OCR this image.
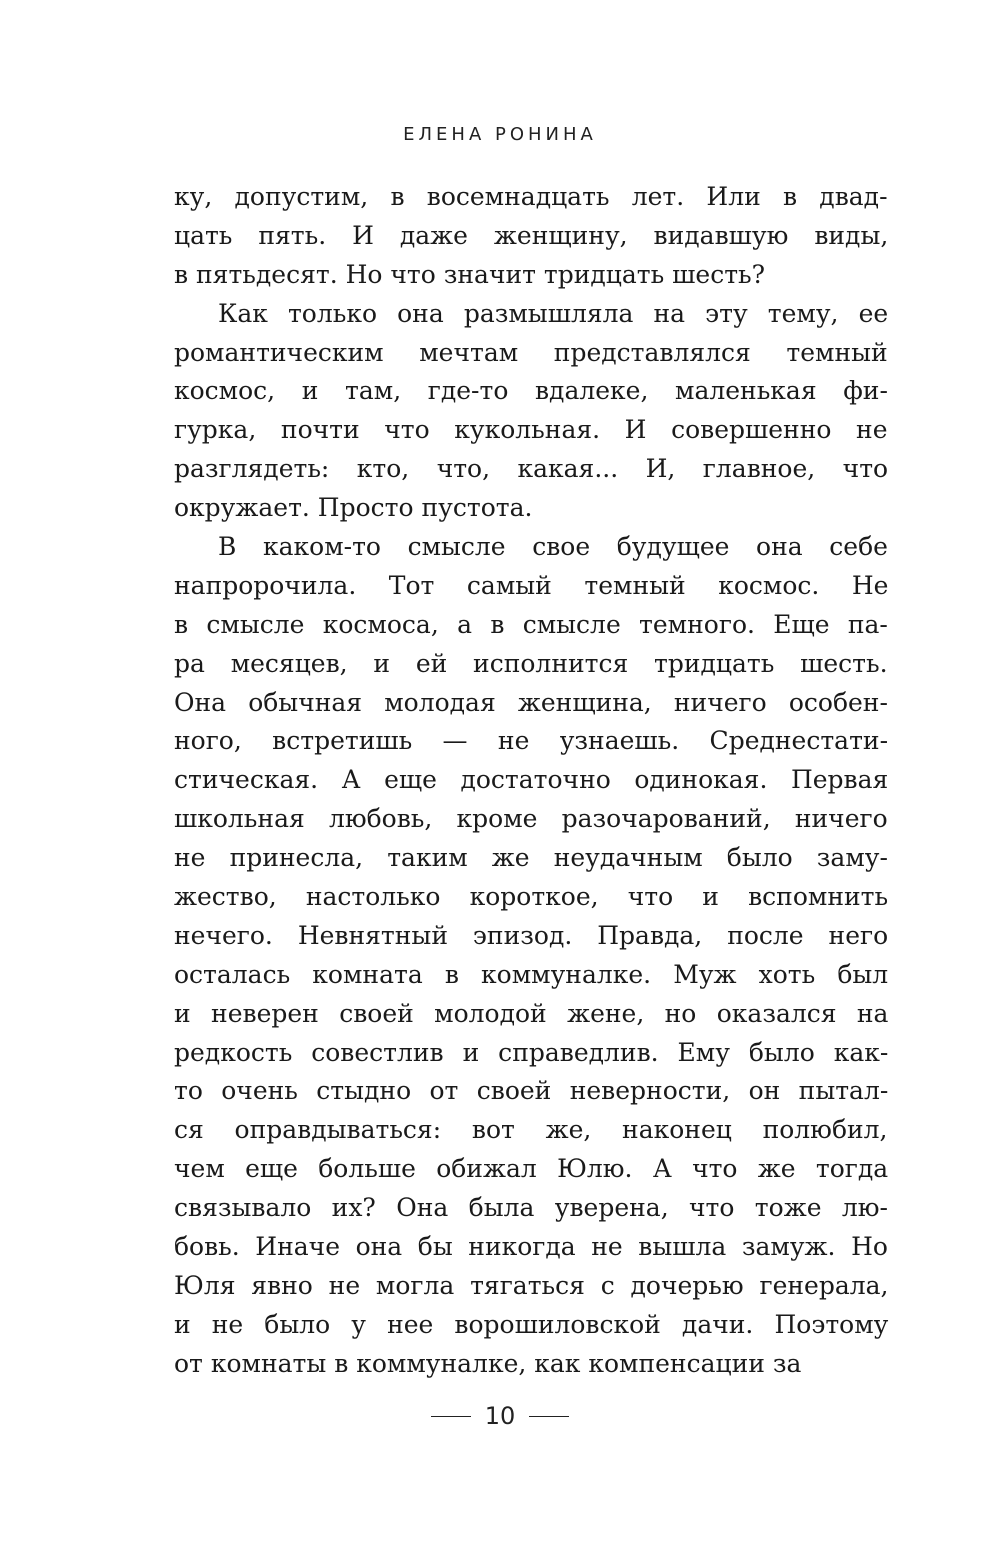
ЕЛЕНА РОНИНА
ку, допустим, в восемнадцать лет. Или в двад-
цать пять. И даже женщину, видавшую виды,
в пятьдесят. Но что значит тридцать шесть?
Как только она размышляла на эту тему, ее
романтическим мечтам представлялся темный
космос, и там, где-то вдалеке, маленькая фи-
гурка, почти что кукольная. И совершенно не
разглядеть: кто, что, какая... И, главное, что
окружает. Просто пустота.
В каком-то смысле свое будущее она себе
напророчила. Тот самый темный космос. Не
в смысле космоса, а в смысле темного. Еще па-
ра месяцев, и ей исполнится тридцать шесть.
Она обычная молодая женщина, ничего особен-
ного, встретишь — не узнаешь. Среднестати-
стическая. А еще достаточно одинокая. Первая
школьная любовь, кроме разочарований, ничего
не принесла, таким же неудачным было заму-
жество, настолько короткое, что и вспомнить
нечего. Невнятный эпизод. Правда, после него
осталась комната в коммуналке. Муж хоть был
и неверен своей молодой жене, но оказался на
редкость совестлив и справедлив. Ему было как-
то очень стыдно от своей неверности, он пытал-
ся оправдываться: вот же, наконец полюбил,
чем еще больше обижал Юлю. А что же тогда
связывало их? Она была уверена, что тоже лю-
бовь. Иначе она бы никогда не вышла замуж. Но
Юля явно не могла тягаться с дочерью генерала,
и не было у нее ворошиловской дачи. Поэтому
от комнаты в коммуналке, как компенсации за
10
